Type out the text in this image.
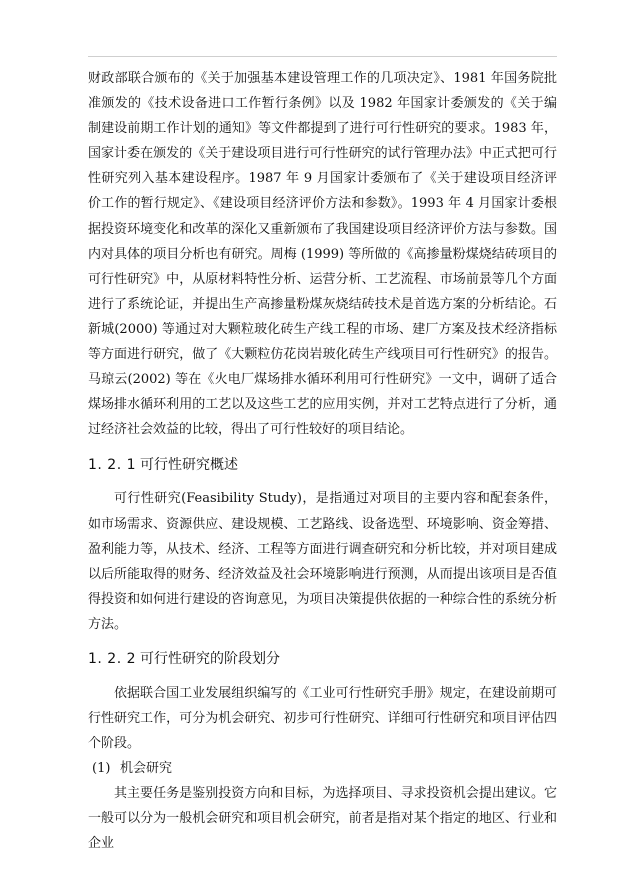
财政部联合颁布的《关于加强基本建设管理工作的几项决定》、1981 年国务院批准颁发的《技术设备进口工作暂行条例》以及 1982 年国家计委颁发的《关于编制建设前期工作计划的通知》等文件都提到了进行可行性研究的要求。1983 年，国家计委在颁发的《关于建设项目进行可行性研究的试行管理办法》中正式把可行性研究列入基本建设程序。1987 年 9 月国家计委颁布了《关于建设项目经济评价工作的暂行规定》、《建设项目经济评价方法和参数》。1993 年 4 月国家计委根据投资环境变化和改革的深化又重新颁布了我国建设项目经济评价方法与参数。国内对具体的项目分析也有研究。周梅 (1999) 等所做的《高掺量粉煤烧结砖项目的可行性研究》中，从原材料特性分析、运营分析、工艺流程、市场前景等几个方面进行了系统论证，并提出生产高掺量粉煤灰烧结砖技术是首选方案的分析结论。石新城(2000) 等通过对大颗粒玻化砖生产线工程的市场、建厂方案及技术经济指标等方面进行研究，做了《大颗粒仿花岗岩玻化砖生产线项目可行性研究》的报告。马琼云(2002) 等在《火电厂煤场排水循环利用可行性研究》一文中，调研了适合煤场排水循环利用的工艺以及这些工艺的应用实例，并对工艺特点进行了分析，通过经济社会效益的比较，得出了可行性较好的项目结论。

1. 2. 1 可行性研究概述

可行性研究(Feasibility Study)，是指通过对项目的主要内容和配套条件，如市场需求、资源供应、建设规模、工艺路线、设备选型、环境影响、资金筹措、盈利能力等，从技术、经济、工程等方面进行调查研究和分析比较，并对项目建成以后所能取得的财务、经济效益及社会环境影响进行预测，从而提出该项目是否值得投资和如何进行建设的咨询意见，为项目决策提供依据的一种综合性的系统分析方法。

1. 2. 2 可行性研究的阶段划分

依据联合国工业发展组织编写的《工业可行性研究手册》规定，在建设前期可行性研究工作，可分为机会研究、初步可行性研究、详细可行性研究和项目评估四个阶段。

(1) 机会研究

其主要任务是鉴别投资方向和目标，为选择项目、寻求投资机会提出建议。它一般可以分为一般机会研究和项目机会研究，前者是指对某个指定的地区、行业和企业
